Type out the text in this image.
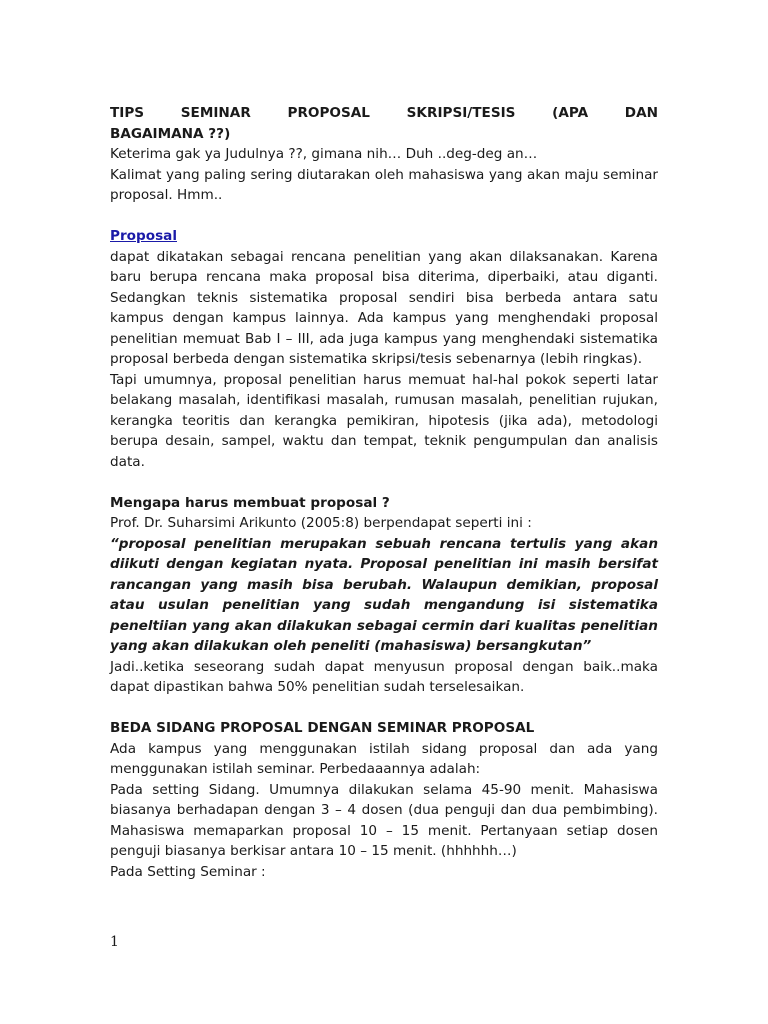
TIPS SEMINAR PROPOSAL SKRIPSI/TESIS (APA DAN
BAGAIMANA ??)

Keterima gak ya Judulnya ??, gimana nih… Duh ..deg-deg an…

Kalimat yang paling sering diutarakan oleh mahasiswa yang akan maju seminar proposal. Hmm..

Proposal

dapat dikatakan sebagai rencana penelitian yang akan dilaksanakan. Karena baru berupa rencana maka proposal bisa diterima, diperbaiki, atau diganti. Sedangkan teknis sistematika proposal sendiri bisa berbeda antara satu kampus dengan kampus lainnya. Ada kampus yang menghendaki proposal penelitian memuat Bab I – III, ada juga kampus yang menghendaki sistematika proposal berbeda dengan sistematika skripsi/tesis sebenarnya (lebih ringkas).

Tapi umumnya, proposal penelitian harus memuat hal-hal pokok seperti latar belakang masalah, identifikasi masalah, rumusan masalah, penelitian rujukan, kerangka teoritis dan kerangka pemikiran, hipotesis (jika ada), metodologi berupa desain, sampel, waktu dan tempat, teknik pengumpulan dan analisis data.

Mengapa harus membuat proposal ?

Prof. Dr. Suharsimi Arikunto (2005:8) berpendapat seperti ini :

“proposal penelitian merupakan sebuah rencana tertulis yang akan diikuti dengan kegiatan nyata. Proposal penelitian ini masih bersifat rancangan yang masih bisa berubah. Walaupun demikian, proposal atau usulan penelitian yang sudah mengandung isi sistematika peneltiian yang akan dilakukan sebagai cermin dari kualitas penelitian yang akan dilakukan oleh peneliti (mahasiswa) bersangkutan”

Jadi..ketika seseorang sudah dapat menyusun proposal dengan baik..maka dapat dipastikan bahwa 50% penelitian sudah terselesaikan.

BEDA SIDANG PROPOSAL DENGAN SEMINAR PROPOSAL

Ada kampus yang menggunakan istilah sidang proposal dan ada yang menggunakan istilah seminar. Perbedaaannya adalah:

Pada setting Sidang. Umumnya dilakukan selama 45-90 menit. Mahasiswa biasanya berhadapan dengan 3 – 4 dosen (dua penguji dan dua pembimbing). Mahasiswa memaparkan proposal 10 – 15 menit. Pertanyaan setiap dosen penguji biasanya berkisar antara 10 – 15 menit. (hhhhhh…)

Pada Setting Seminar :

1
